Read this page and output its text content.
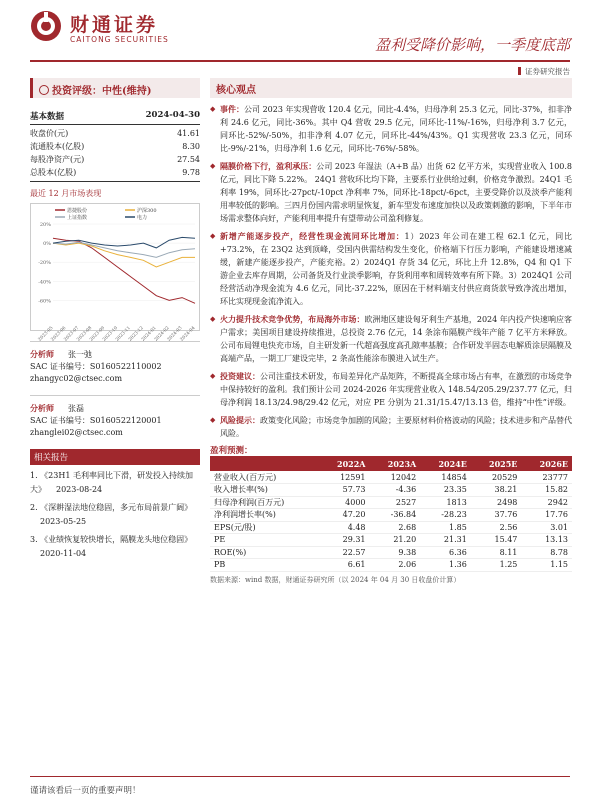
财通证券
CAITONG SECURITIES	盈利受降价影响，一季度底部
证券研究报告
投资评级：中性(维持)
基本数据	2024-04-30
收盘价(元)	41.61
流通股本(亿股)	8.30
每股净资产(元)	27.54
总股本(亿股)	9.78
最近 12 月市场表现
-60%
-40%
-20%
0%
20%
2023-05
2023-06
2023-07
2023-08
2023-09
2023-10
2023-11
2023-12
2024-01
2024-02
2024-03
2024-04
恩捷股份	沪深300
上证指数	电力
分析师 张一弛
SAC 证书编号：S0160522110002
zhangyc02@ctsec.com
分析师 张磊
SAC 证书编号：S0160522120001
zhanglei02@ctsec.com
相关报告
1. 《23H1 毛利率同比下滑，研发投入持续加大》 2023-08-24
2. 《深耕湿法地位稳固，多元布局前景广阔》2023-05-25
3. 《业绩恢复较快增长，隔膜龙头地位稳固》2020-11-04
核心观点
◆ 事件：公司 2023 年实现营收 120.4 亿元，同比-4.4%，归母净利 25.3 亿元，同比-37%，扣非净利 24.6 亿元，同比-36%。其中 Q4 营收 29.5 亿元，同环比-11%/-16%，归母净利 3.7 亿元，同环比-52%/-50%，扣非净利 4.07 亿元，同环比-44%/43%。Q1 实现营收 23.3 亿元，同环比-9%/-21%，归母净利 1.6 亿元，同环比-76%/-58%。
◆ 隔膜价格下行，盈利承压：公司 2023 年湿法（A+B 品）出货 62 亿平方米，实现营业收入 100.8 亿元，同比下降 5.22%。 24Q1 营收环比均下降，主要系行业供给过剩，价格竞争激烈。24Q1 毛利率 19%，同环比-27pct/-10pct 净利率 7%，同环比-18pct/-6pct，主要受降价以及淡季产能利用率较低的影响。三四月份国内需求明显恢复，新车型发布速度加快以及政策刺激的影响，下半年市场需求整体向好，产能利用率提升有望带动公司盈利修复。
◆ 新增产能逐步投产，经营性现金流同环比增加：1）2023 年公司在建工程 62.1 亿元，同比+73.2%，在 23Q2 达到顶峰，受国内供需结构发生变化，价格端下行压力影响，产能建设增速减缓，新建产能逐步投产，产能充裕。2）2024Q1 存货 34 亿元，环比上升 12.8%，Q4 和 Q1 下游企业去库存周期，公司备货及行业淡季影响，存货利用率和周转效率有所下降。3）2024Q1 公司经营活动净现金流为 4.6 亿元，同比-37.22%，原因在于材料端支付供应商货款导致净流出增加，环比实现现金流净流入。
◆ 火力提升技术竞争优势，布局海外市场：欧洲地区建设匈牙利生产基地，2024 年内投产快速响应客户需求；美国项目建设持续推进，总投资 2.76 亿元，14 条涂布隔膜产线年产能 7 亿平方米释放。公司布局锂电快充市场，自主研发新一代超高强度高孔隙率基膜；合作研发半固态电解质涂层隔膜及高端产品，一期工厂建设完毕，2 条高性能涂布膜进入试生产。
◆ 投资建议：公司注重技术研发，布局差异化产品矩阵，不断提高全球市场占有率，在激烈的市场竞争中保持较好的盈利。我们预计公司 2024-2026 年实现营业收入 148.54/205.29/237.77 亿元，归母净利润 18.13/24.98/29.42 亿元，对应 PE 分别为 21.31/15.47/13.13 倍，维持“中性”评级。
◆ 风险提示：政策变化风险；市场竞争加剧的风险；主要原材料价格波动的风险；技术进步和产品替代风险。
盈利预测：
	2022A	2023A	2024E	2025E	2026E
营业收入(百万元)	12591	12042	14854	20529	23777
收入增长率(%)	57.73	-4.36	23.35	38.21	15.82
归母净利润(百万元)	4000	2527	1813	2498	2942
净利润增长率(%)	47.20	-36.84	-28.23	37.76	17.76
EPS(元/股)	4.48	2.68	1.85	2.56	3.01
PE	29.31	21.20	21.31	15.47	13.13
ROE(%)	22.57	9.38	6.36	8.11	8.78
PB	6.61	2.06	1.36	1.25	1.15
数据来源：wind 数据，财通证券研究所（以 2024 年 04 月 30 日收盘价计算）
谨请该看后一页的重要声明！
